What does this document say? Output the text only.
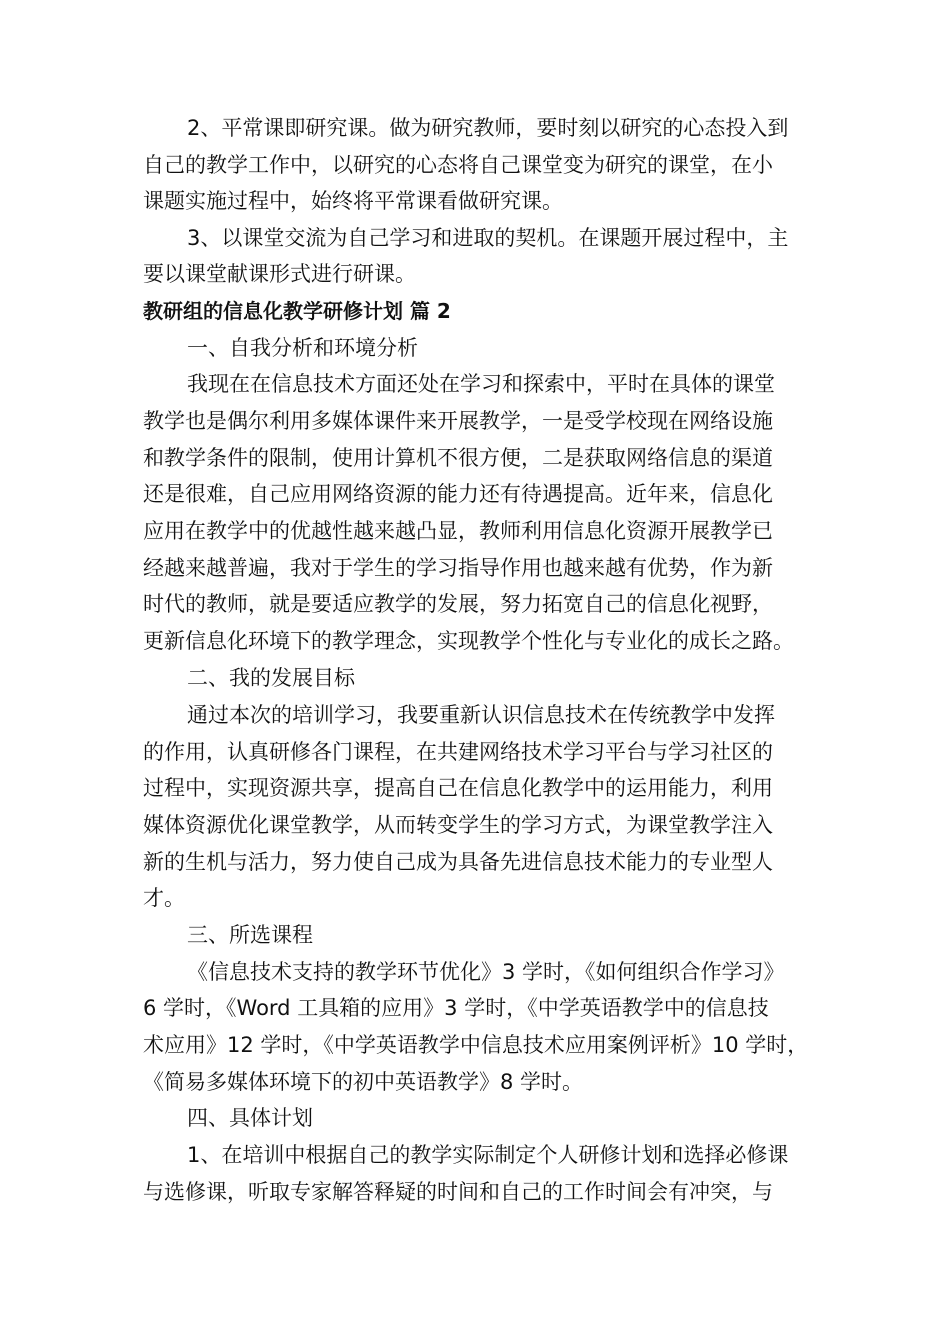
2、平常课即研究课。做为研究教师，要时刻以研究的心态投入到
自己的教学工作中，以研究的心态将自己课堂变为研究的课堂，在小
课题实施过程中，始终将平常课看做研究课。
3、以课堂交流为自己学习和进取的契机。在课题开展过程中，主
要以课堂献课形式进行研课。
教研组的信息化教学研修计划 篇 2
一、自我分析和环境分析
我现在在信息技术方面还处在学习和探索中，平时在具体的课堂
教学也是偶尔利用多媒体课件来开展教学，一是受学校现在网络设施
和教学条件的限制，使用计算机不很方便，二是获取网络信息的渠道
还是很难，自己应用网络资源的能力还有待遇提高。近年来，信息化
应用在教学中的优越性越来越凸显，教师利用信息化资源开展教学已
经越来越普遍，我对于学生的学习指导作用也越来越有优势，作为新
时代的教师，就是要适应教学的发展，努力拓宽自己的信息化视野，
更新信息化环境下的教学理念，实现教学个性化与专业化的成长之路。
二、我的发展目标
通过本次的培训学习，我要重新认识信息技术在传统教学中发挥
的作用，认真研修各门课程，在共建网络技术学习平台与学习社区的
过程中，实现资源共享，提高自己在信息化教学中的运用能力，利用
媒体资源优化课堂教学，从而转变学生的学习方式，为课堂教学注入
新的生机与活力，努力使自己成为具备先进信息技术能力的专业型人
才。
三、所选课程
《信息技术支持的教学环节优化》3 学时，《如何组织合作学习》
6 学时，《Word 工具箱的应用》3 学时，《中学英语教学中的信息技
术应用》12 学时，《中学英语教学中信息技术应用案例评析》10 学时，
《简易多媒体环境下的初中英语教学》8 学时。
四、具体计划
1、在培训中根据自己的教学实际制定个人研修计划和选择必修课
与选修课，听取专家解答释疑的时间和自己的工作时间会有冲突，与
